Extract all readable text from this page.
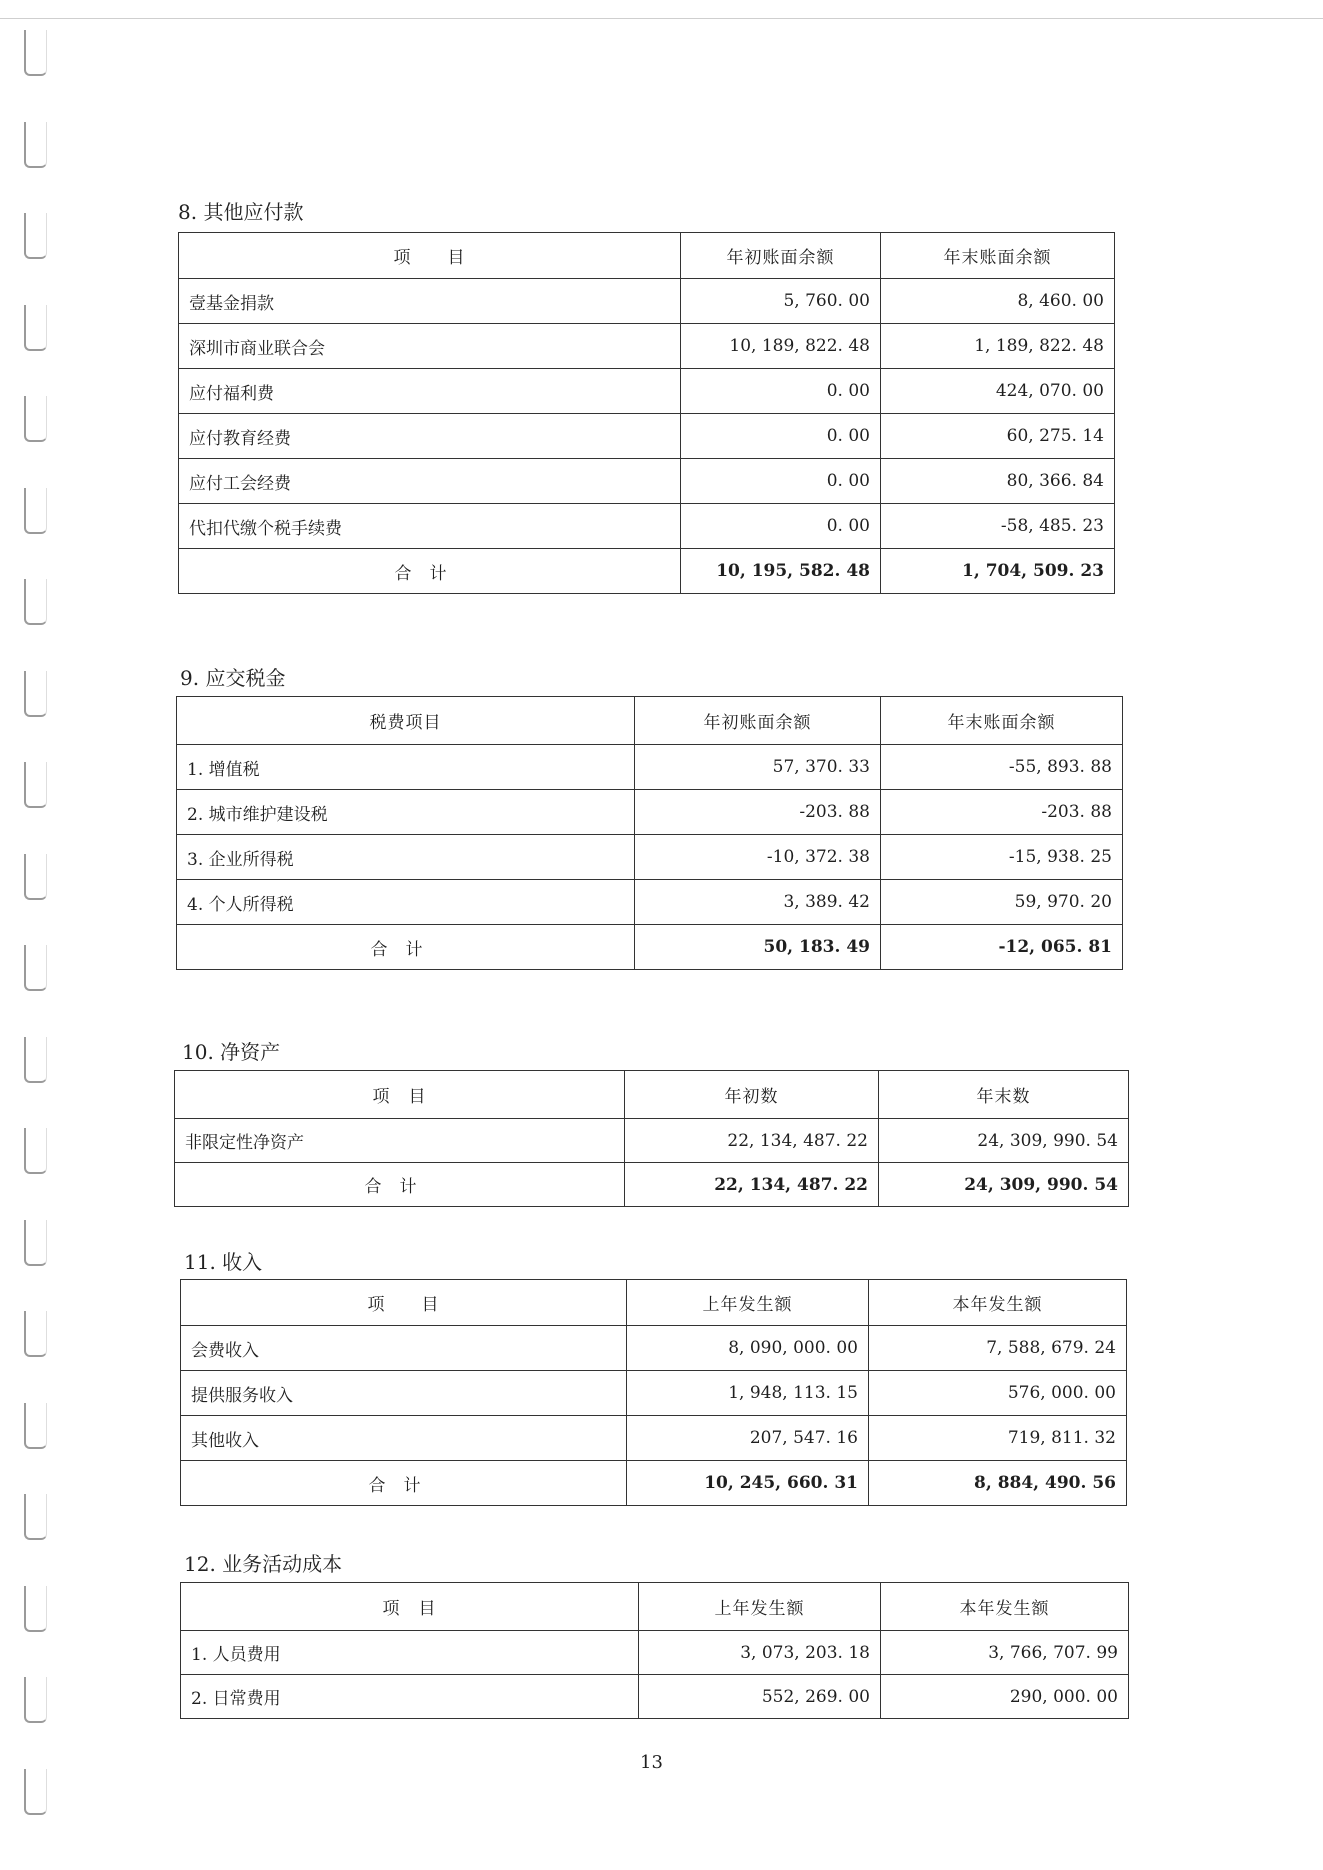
8. 其他应付款
项　　目	年初账面余额	年末账面余额
壹基金捐款	5, 760. 00	8, 460. 00
深圳市商业联合会	10, 189, 822. 48	1, 189, 822. 48
应付福利费	0. 00	424, 070. 00
应付教育经费	0. 00	60, 275. 14
应付工会经费	0. 00	80, 366. 84
代扣代缴个税手续费	0. 00	-58, 485. 23
合计	10, 195, 582. 48	1, 704, 509. 23
9. 应交税金
税费项目	年初账面余额	年末账面余额
1. 增值税	57, 370. 33	-55, 893. 88
2. 城市维护建设税	-203. 88	-203. 88
3. 企业所得税	-10, 372. 38	-15, 938. 25
4. 个人所得税	3, 389. 42	59, 970. 20
合计	50, 183. 49	-12, 065. 81
10. 净资产
项　目	年初数	年末数
非限定性净资产	22, 134, 487. 22	24, 309, 990. 54
合计	22, 134, 487. 22	24, 309, 990. 54
11. 收入
项　　目	上年发生额	本年发生额
会费收入	8, 090, 000. 00	7, 588, 679. 24
提供服务收入	1, 948, 113. 15	576, 000. 00
其他收入	207, 547. 16	719, 811. 32
合计	10, 245, 660. 31	8, 884, 490. 56
12. 业务活动成本
项　目	上年发生额	本年发生额
1. 人员费用	3, 073, 203. 18	3, 766, 707. 99
2. 日常费用	552, 269. 00	290, 000. 00
13
